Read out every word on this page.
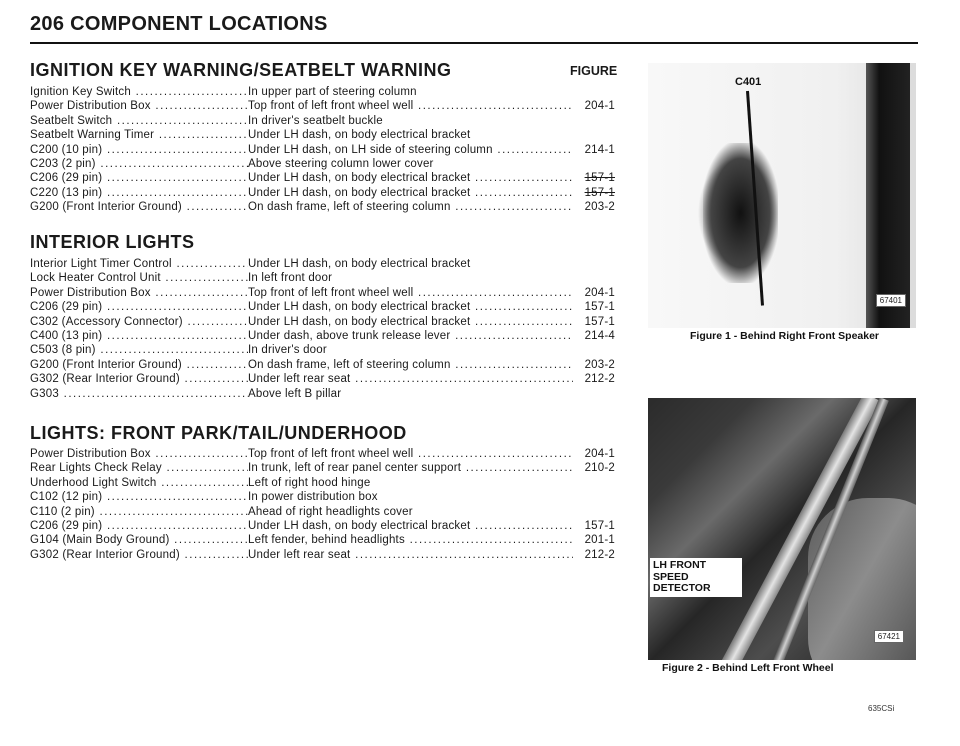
206 COMPONENT LOCATIONS
IGNITION KEY WARNING/SEATBELT WARNING	FIGURE
Ignition Key Switch .....	In upper part of steering column
Power Distribution Box .....	Top front of left front wheel well .....	204-1
Seatbelt Switch .....	In driver's seatbelt buckle
Seatbelt Warning Timer .....	Under LH dash, on body electrical bracket
C200 (10 pin) .....	Under LH dash, on LH side of steering column .....	214-1
C203 (2 pin) .....	Above steering column lower cover
C206 (29 pin) .....	Under LH dash, on body electrical bracket .....	157-1
C220 (13 pin) .....	Under LH dash, on body electrical bracket .....	157-1
G200 (Front Interior Ground) .....	On dash frame, left of steering column .....	203-2
INTERIOR LIGHTS
Interior Light Timer Control .....	Under LH dash, on body electrical bracket
Lock Heater Control Unit .....	In left front door
Power Distribution Box .....	Top front of left front wheel well .....	204-1
C206 (29 pin) .....	Under LH dash, on body electrical bracket .....	157-1
C302 (Accessory Connector) .....	Under LH dash, on body electrical bracket .....	157-1
C400 (13 pin) .....	Under dash, above trunk release lever .....	214-4
C503 (8 pin) .....	In driver's door
G200 (Front Interior Ground) .....	On dash frame, left of steering column .....	203-2
G302 (Rear Interior Ground) .....	Under left rear seat .....	212-2
G303 .....	Above left B pillar
LIGHTS: FRONT PARK/TAIL/UNDERHOOD
Power Distribution Box .....	Top front of left front wheel well .....	204-1
Rear Lights Check Relay .....	In trunk, left of rear panel center support .....	210-2
Underhood Light Switch .....	Left of right hood hinge
C102 (12 pin) .....	In power distribution box
C110 (2 pin) .....	Ahead of right headlights cover
C206 (29 pin) .....	Under LH dash, on body electrical bracket .....	157-1
G104 (Main Body Ground) .....	Left fender, behind headlights .....	201-1
G302 (Rear Interior Ground) .....	Under left rear seat .....	212-2
C401
67401
Figure 1 - Behind Right Front Speaker
LH FRONT
SPEED
DETECTOR
67421
Figure 2 - Behind Left Front Wheel
635CSi
